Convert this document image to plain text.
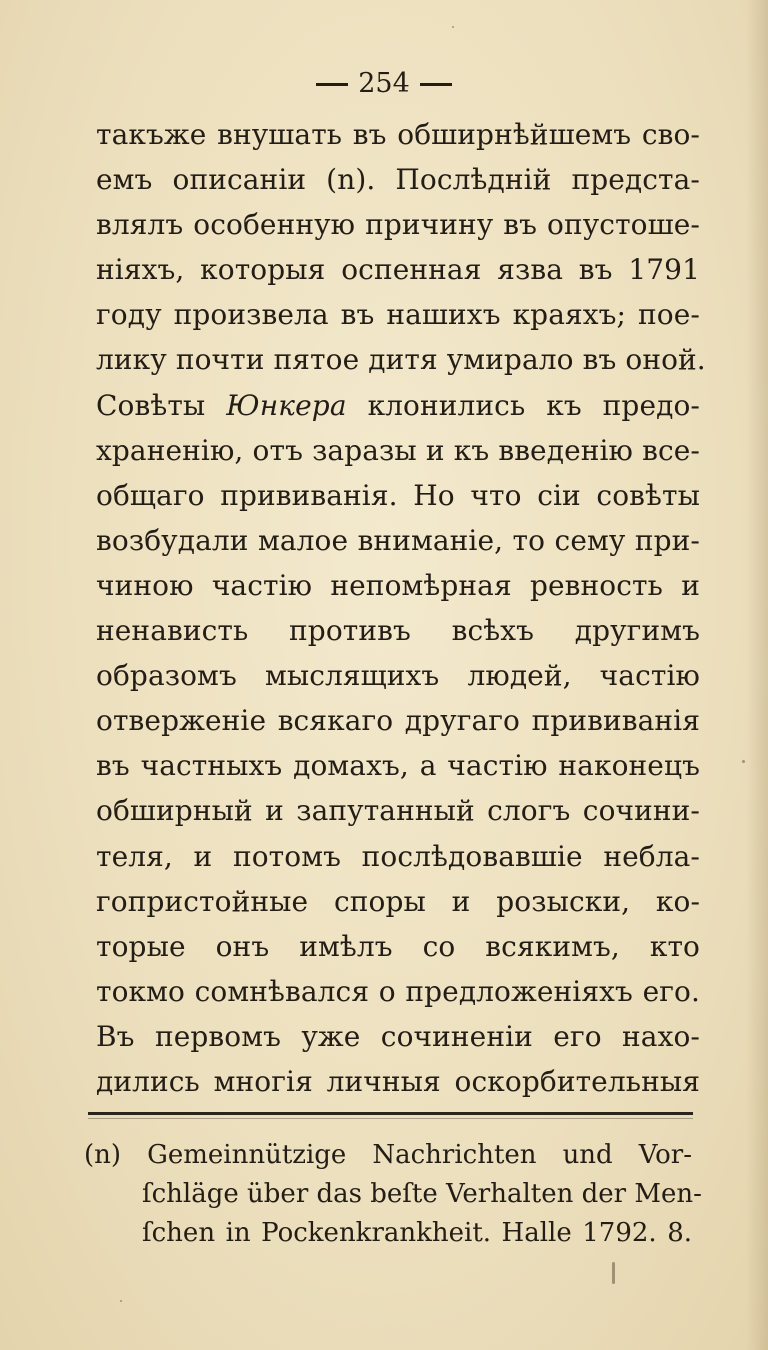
254
такъже внушать въ обширнѣйшемъ сво-
емъ описаніи (n). Послѣдній предста-
влялъ особенную причину въ опустоше-
ніяхъ, которыя оспенная язва въ 1791
году произвела въ нашихъ краяхъ; пое-
лику почти пятое дитя умирало въ оной.
Совѣты Юнкера клонились къ предо-
храненію, отъ заразы и къ введенію все-
общаго прививанія. Но что сіи совѣты
возбудали малое вниманіе, то сему при-
чиною частію непомѣрная ревность и
ненависть противъ всѣхъ другимъ
образомъ мыслящихъ людей, частію
отверженіе всякаго другаго прививанія
въ частныхъ домахъ, а частію наконецъ
обширный и запутанный слогъ сочини-
теля, и потомъ послѣдовавшіе неблa-
гопристойные споры и розыски, ко-
торые онъ имѣлъ со всякимъ, кто
токмо сомнѣвался о предложеніяхъ его.
Въ первомъ уже сочиненіи его нахо-
дились многія личныя оскорбительныя
(n) Gemeinnützige Nachrichten und Vor-
ſchläge über das beſte Verhalten der Men-
ſchen in Pockenkrankheit. Halle 1792. 8.
